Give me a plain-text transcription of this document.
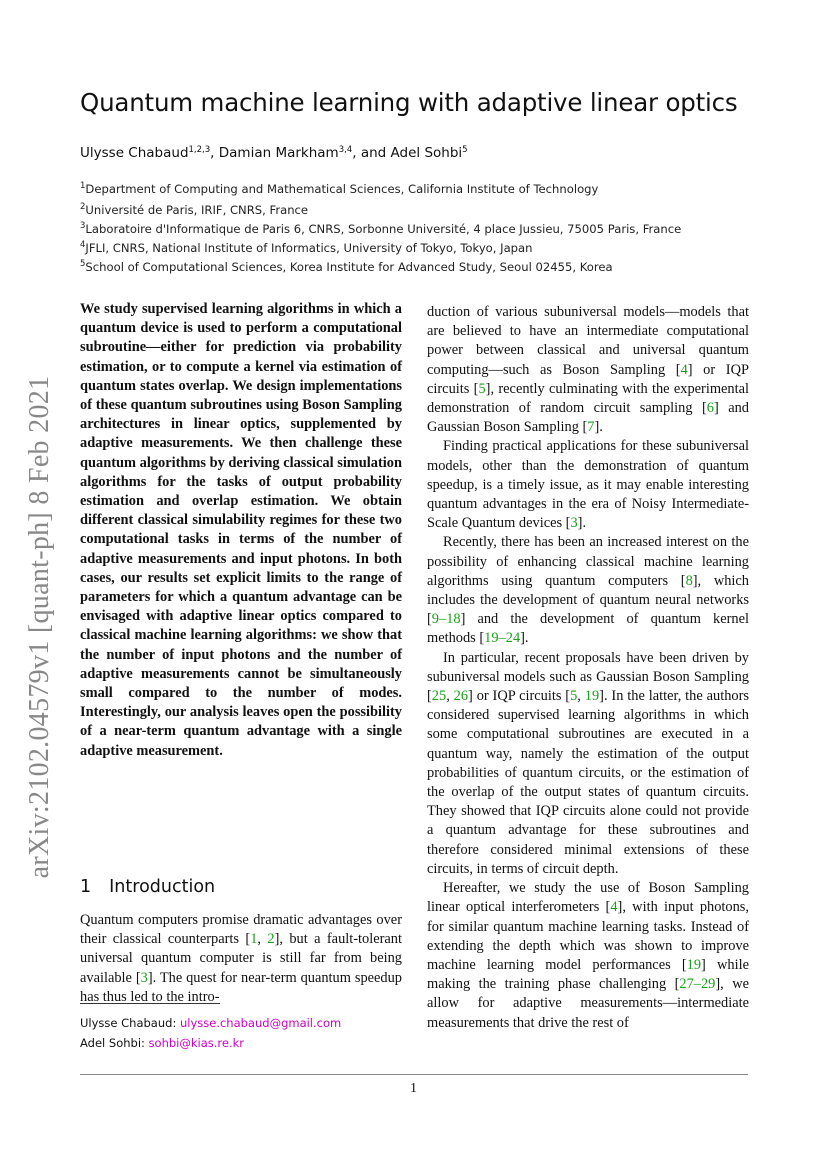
Quantum machine learning with adaptive linear optics
Ulysse Chabaud$^{1,2,3}$, Damian Markham$^{3,4}$, and Adel Sohbi$^5$
$^1$Department of Computing and Mathematical Sciences, California Institute of Technology
$^2$Université de Paris, IRIF, CNRS, France
$^3$Laboratoire d'Informatique de Paris 6, CNRS, Sorbonne Université, 4 place Jussieu, 75005 Paris, France
$^4$JFLI, CNRS, National Institute of Informatics, University of Tokyo, Tokyo, Japan
$^5$School of Computational Sciences, Korea Institute for Advanced Study, Seoul 02455, Korea
arXiv:2102.04579v1 [quant-ph] 8 Feb 2021
We study supervised learning algorithms in which a quantum device is used to perform a computational subroutine—either for prediction via probability estimation, or to compute a kernel via estimation of quantum states overlap. We design implementations of these quantum subroutines using Boson Sampling architectures in linear optics, supplemented by adaptive measurements. We then challenge these quantum algorithms by deriving classical simulation algorithms for the tasks of output probability estimation and overlap estimation. We obtain different classical simulability regimes for these two computational tasks in terms of the number of adaptive measurements and input photons. In both cases, our results set explicit limits to the range of parameters for which a quantum advantage can be envisaged with adaptive linear optics compared to classical machine learning algorithms: we show that the number of input photons and the number of adaptive measurements cannot be simultaneously small compared to the number of modes. Interestingly, our analysis leaves open the possibility of a near-term quantum advantage with a single adaptive measurement.
1 Introduction
Quantum computers promise dramatic advantages over their classical counterparts [1, 2], but a fault-tolerant universal quantum computer is still far from being available [3]. The quest for near-term quantum speedup has thus led to the intro-

duction of various subuniversal models—models that are believed to have an intermediate computational power between classical and universal quantum computing—such as Boson Sampling [4] or IQP circuits [5], recently culminating with the experimental demonstration of random circuit sampling [6] and Gaussian Boson Sampling [7].

Finding practical applications for these subuniversal models, other than the demonstration of quantum speedup, is a timely issue, as it may enable interesting quantum advantages in the era of Noisy Intermediate-Scale Quantum devices [3].

Recently, there has been an increased interest on the possibility of enhancing classical machine learning algorithms using quantum computers [8], which includes the development of quantum neural networks [9–18] and the development of quantum kernel methods [19–24].

In particular, recent proposals have been driven by subuniversal models such as Gaussian Boson Sampling [25, 26] or IQP circuits [5, 19]. In the latter, the authors considered supervised learning algorithms in which some computational subroutines are executed in a quantum way, namely the estimation of the output probabilities of quantum circuits, or the estimation of the overlap of the output states of quantum circuits. They showed that IQP circuits alone could not provide a quantum advantage for these subroutines and therefore considered minimal extensions of these circuits, in terms of circuit depth.

Hereafter, we study the use of Boson Sampling linear optical interferometers [4], with input photons, for similar quantum machine learning tasks. Instead of extending the depth which was shown to improve machine learning model performances [19] while making the training phase challenging [27–29], we allow for adaptive measurements—intermediate measurements that drive the rest of

Ulysse Chabaud: ulysse.chabaud@gmail.com
Adel Sohbi: sohbi@kias.re.kr
1
